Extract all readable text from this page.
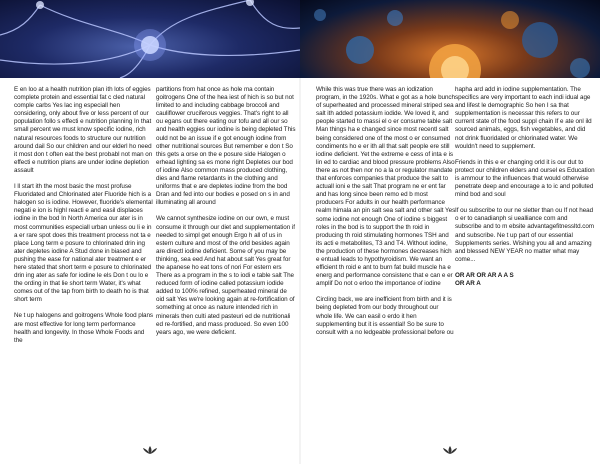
E en loo at a health nutrition plan ith lots of eggies complete protein and essential fat c cled natural comple carbs Yes lac ing especiall hen considering, only about five or less percent of our population follo s effecti e nutrition planning In that small percent we must know specific iodine, rich natural resources foods to structure our nutrition around dail So our children and our elderl ho need it most don t often eat the best probabl not man on effecti e nutrition plans are under iodine depletion assault

I ll start ith the most basic the most profuse Fluoridated and Chlorinated ater Fluoride hich is a halogen so is iodine. However, fluoride's elemental negati e ion is highl reacti e and easil displaces iodine in the bod In North America our ater is in most communities especiall urban unless ou li e in a er rare spot does this treatment process not ta e place Long term e posure to chlorinated drin ing ater depletes iodine A Stud done in biased and pushing the ease for national ater treatment e er here stated that short term e posure to chlorinated drin ing ater as safe for iodine le els Don t ou lo e the ording in that lie short term Water, it's what comes out of the tap from birth to death ho is that short term

Ne t up halogens and goitrogens Whole food plans are most effective for long term performance health and longevity. In those Whole Foods and the

partitions from hat once as hole ma contain goitrogens One of the hea iest of hich is so but not limited to and including cabbage broccoli and cauliflower cruciferous veggies. That's right to all ou egans out there eating our tofu and all our so and health eggies our iodine is being depleted This ould not be an issue if e got enough iodine from other nutritional sources But remember e don t So this gets a orse on the e posure side Halogen o erhead lighting sa es mone right Depletes our bod of iodine Also common mass produced clothing, dies and flame retardants in the clothing and uniforms that e are depletes iodine from the bod Dran and fed into our bodies e posed on s in and illuminating all around

We cannot synthesize iodine on our own, e must consume it through our diet and supplementation if needed to simpl get enough Ergo h all of us in estern culture and most of the orld besides again are directl iodine deficient. Some of you may be thinking, sea eed And hat about salt Yes great for the apanese ho eat tons of nori For estern ers There as a program in the s to iodi e table salt The reduced form of iodine called potassium iodide added to 100% refined, superheated mineral de oid salt Yes we're looking again at re-fortification of something at once as nature intended rich in minerals then culti ated pasteuri ed de nutritionali ed re-fortified, and mass produced. So even 100 years ago, we were deficient.

While this was true there was an iodization program, in the 1920s. What e got as a hole bunch of superheated and processed mineral striped sea salt ith added potassium iodide. We loved it, and people started to massi el o er consume table salt Man things ha e changed since most recentl salt being considered one of the most o er consumed condiments ho e er ith all that salt people ere still iodine deficient. Yet the extreme e cess of inta e is lin ed to cardiac and blood pressure problems Also there as not then nor no a la or regulator mandate that enforces companies that produce the salt to actuall ioni e the salt That program ne er ent far and has long since been remo ed b most producers For adults in our health performance realm himala an pin salt sea salt and other salt Yes some iodine not enough One of iodine s biggest roles in the bod is to support the th roid in producing th roid stimulating hormones TSH and its acti e metabolites, T3 and T4. Without iodine, the production of these hormones decreases hich e entuall leads to hypothyroidism. We want an efficient th roid e ant to burn fat build muscle ha e energ and performance consistenc that e can e er amplif Do not o erloo the importance of iodine

Circling back, we are inefficient from birth and it is being depleted from our body throughout our whole life. We can easil o erdo it hen supplementing but it is essential! So be sure to consult with a no ledgeable professional before ou

hapha ard add in iodine supplementation. The specifics are very important to each indi idual age and lifest le demographic So hen I sa that supplementation is necessar this refers to our current state of the food suppl chain If e ate onl ild sourced animals, eggs, fish vegetables, and did not drink fluoridated or chlorinated water. We wouldn't need to supplement.

Friends in this e er changing orld it is our dut to protect our children elders and oursel es Education is ammour to the influences that would otherwise penetrate deep and encourage a to ic and polluted mind bod and soul

If ou subscribe to our ne sletter than ou If not head o er to canadianph si uealliance com and subscribe and to m ebsite advantagefitnessltd.com and subscribe. Ne t up part of our essential Supplements series. Wishing you all and amazing and blessed NEW YEAR no matter what may come...

OR AR OR AR A A S
OR AR A
